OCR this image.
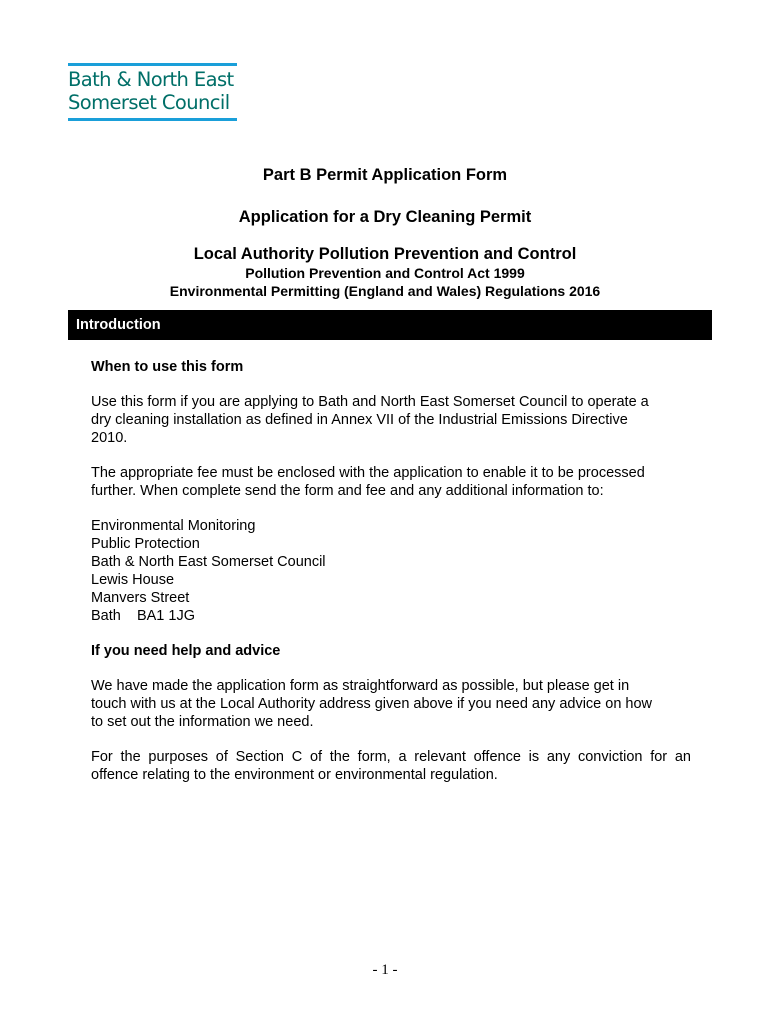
Bath & North East
Somerset Council
Part B Permit Application Form
Application for a Dry Cleaning Permit
Local Authority Pollution Prevention and Control
Pollution Prevention and Control Act 1999
Environmental Permitting (England and Wales) Regulations 2016
Introduction

When to use this form

Use this form if you are applying to Bath and North East Somerset Council to operate a

dry cleaning installation as defined in Annex VII of the Industrial Emissions Directive

2010.

The appropriate fee must be enclosed with the application to enable it to be processed

further. When complete send the form and fee and any additional information to:

Environmental Monitoring

Public Protection

Bath & North East Somerset Council

Lewis House

Manvers Street

Bath    BA1 1JG

If you need help and advice

We have made the application form as straightforward as possible, but please get in

touch with us at the Local Authority address given above if you need any advice on how

to set out the information we need.

For the purposes of Section C of the form, a relevant offence is any conviction for an

offence relating to the environment or environmental regulation.

- 1 -
